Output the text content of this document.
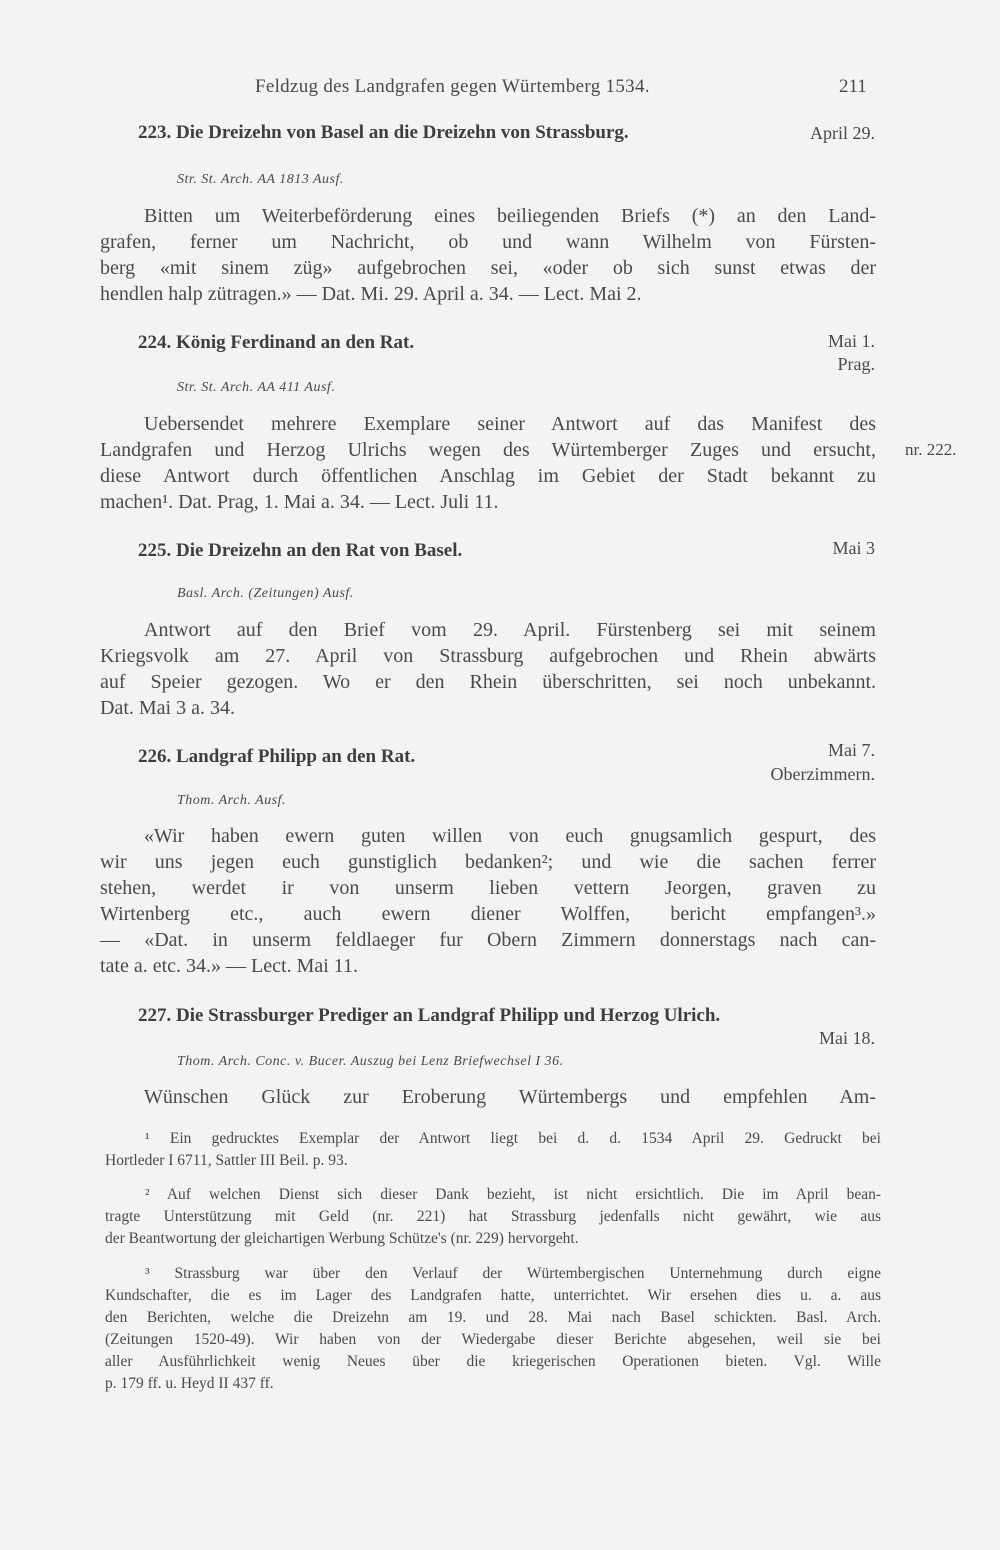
Feldzug des Landgrafen gegen Würtemberg 1534.	211
223. Die Dreizehn von Basel an die Dreizehn von Strassburg.	April 29.
Str. St. Arch. AA 1813 Ausf.
Bitten um Weiterbeförderung eines beiliegenden Briefs (*) an den Land-
grafen, ferner um Nachricht, ob und wann Wilhelm von Fürsten-
berg «mit sinem züg» aufgebrochen sei, «oder ob sich sunst etwas der
hendlen halp zütragen.» — Dat. Mi. 29. April a. 34. — Lect. Mai 2.
224. König Ferdinand an den Rat.	Mai 1.
Prag.
Str. St. Arch. AA 411 Ausf.
Uebersendet mehrere Exemplare seiner Antwort auf das Manifest des
Landgrafen und Herzog Ulrichs wegen des Würtemberger Zuges und ersucht,
diese Antwort durch öffentlichen Anschlag im Gebiet der Stadt bekannt zu
machen¹. Dat. Prag, 1. Mai a. 34. — Lect. Juli 11.
nr. 222.
225. Die Dreizehn an den Rat von Basel.	Mai 3
Basl. Arch. (Zeitungen) Ausf.
Antwort auf den Brief vom 29. April. Fürstenberg sei mit seinem
Kriegsvolk am 27. April von Strassburg aufgebrochen und Rhein abwärts
auf Speier gezogen. Wo er den Rhein überschritten, sei noch unbekannt.
Dat. Mai 3 a. 34.
226. Landgraf Philipp an den Rat.	Mai 7.
Oberzimmern.
Thom. Arch. Ausf.
«Wir haben ewern guten willen von euch gnugsamlich gespurt, des
wir uns jegen euch gunstiglich bedanken²; und wie die sachen ferrer
stehen, werdet ir von unserm lieben vettern Jeorgen, graven zu
Wirtenberg etc., auch ewern diener Wolffen, bericht empfangen³.»
— «Dat. in unserm feldlaeger fur Obern Zimmern donnerstags nach can-
tate a. etc. 34.» — Lect. Mai 11.
227. Die Strassburger Prediger an Landgraf Philipp und Herzog Ulrich.
Mai 18.
Thom. Arch. Conc. v. Bucer. Auszug bei Lenz Briefwechsel I 36.
Wünschen Glück zur Eroberung Würtembergs und empfehlen Am-
¹ Ein gedrucktes Exemplar der Antwort liegt bei d. d. 1534 April 29. Gedruckt bei
Hortleder I 6711, Sattler III Beil. p. 93.
² Auf welchen Dienst sich dieser Dank bezieht, ist nicht ersichtlich. Die im April bean-
tragte Unterstützung mit Geld (nr. 221) hat Strassburg jedenfalls nicht gewährt, wie aus
der Beantwortung der gleichartigen Werbung Schütze's (nr. 229) hervorgeht.
³ Strassburg war über den Verlauf der Würtembergischen Unternehmung durch eigne
Kundschafter, die es im Lager des Landgrafen hatte, unterrichtet. Wir ersehen dies u. a. aus
den Berichten, welche die Dreizehn am 19. und 28. Mai nach Basel schickten. Basl. Arch.
(Zeitungen 1520-49). Wir haben von der Wiedergabe dieser Berichte abgesehen, weil sie bei
aller Ausführlichkeit wenig Neues über die kriegerischen Operationen bieten. Vgl. Wille
p. 179 ff. u. Heyd II 437 ff.
